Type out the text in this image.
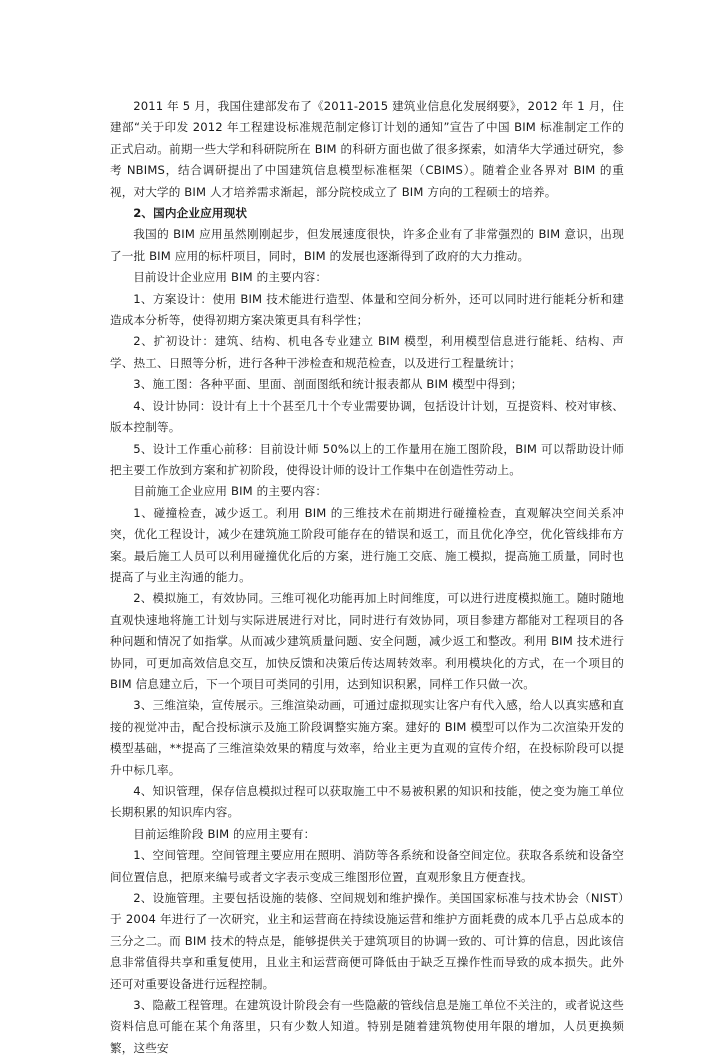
2011 年 5 月，我国住建部发布了《2011-2015 建筑业信息化发展纲要》，2012 年 1 月，住建部“关于印发 2012 年工程建设标准规范制定修订计划的通知”宣告了中国 BIM 标准制定工作的正式启动。前期一些大学和科研院所在 BIM 的科研方面也做了很多探索，如清华大学通过研究，参考 NBIMS，结合调研提出了中国建筑信息模型标准框架（CBIMS）。随着企业各界对 BIM 的重视，对大学的 BIM 人才培养需求渐起，部分院校成立了 BIM 方向的工程硕士的培养。

2、国内企业应用现状

我国的 BIM 应用虽然刚刚起步，但发展速度很快，许多企业有了非常强烈的 BIM 意识，出现了一批 BIM 应用的标杆项目，同时，BIM 的发展也逐渐得到了政府的大力推动。

目前设计企业应用 BIM 的主要内容：

1、方案设计：使用 BIM 技术能进行造型、体量和空间分析外，还可以同时进行能耗分析和建造成本分析等，使得初期方案决策更具有科学性；

2、扩初设计：建筑、结构、机电各专业建立 BIM 模型，利用模型信息进行能耗、结构、声学、热工、日照等分析，进行各种干涉检查和规范检查，以及进行工程量统计；

3、施工图：各种平面、里面、剖面图纸和统计报表都从 BIM 模型中得到；

4、设计协同：设计有上十个甚至几十个专业需要协调，包括设计计划，互提资料、校对审核、版本控制等。

5、设计工作重心前移：目前设计师 50%以上的工作量用在施工图阶段，BIM 可以帮助设计师把主要工作放到方案和扩初阶段，使得设计师的设计工作集中在创造性劳动上。

目前施工企业应用 BIM 的主要内容：

1、碰撞检查，减少返工。利用 BIM 的三维技术在前期进行碰撞检查，直观解决空间关系冲突，优化工程设计，减少在建筑施工阶段可能存在的错误和返工，而且优化净空，优化管线排布方案。最后施工人员可以利用碰撞优化后的方案，进行施工交底、施工模拟，提高施工质量，同时也提高了与业主沟通的能力。

2、模拟施工，有效协同。三维可视化功能再加上时间维度，可以进行进度模拟施工。随时随地直观快速地将施工计划与实际进展进行对比，同时进行有效协同，项目参建方都能对工程项目的各种问题和情况了如指掌。从而减少建筑质量问题、安全问题，减少返工和整改。利用 BIM 技术进行协同，可更加高效信息交互，加快反馈和决策后传达周转效率。利用模块化的方式，在一个项目的 BIM 信息建立后，下一个项目可类同的引用，达到知识积累，同样工作只做一次。

3、三维渲染，宣传展示。三维渲染动画，可通过虚拟现实让客户有代入感，给人以真实感和直接的视觉冲击，配合投标演示及施工阶段调整实施方案。建好的 BIM 模型可以作为二次渲染开发的模型基础，**提高了三维渲染效果的精度与效率，给业主更为直观的宣传介绍，在投标阶段可以提升中标几率。

4、知识管理，保存信息模拟过程可以获取施工中不易被积累的知识和技能，使之变为施工单位长期积累的知识库内容。

目前运维阶段 BIM 的应用主要有：

1、空间管理。空间管理主要应用在照明、消防等各系统和设备空间定位。获取各系统和设备空间位置信息，把原来编号或者文字表示变成三维图形位置，直观形象且方便查找。

2、设施管理。主要包括设施的装修、空间规划和维护操作。美国国家标准与技术协会（NIST）于 2004 年进行了一次研究，业主和运营商在持续设施运营和维护方面耗费的成本几乎占总成本的三分之二。而 BIM 技术的特点是，能够提供关于建筑项目的协调一致的、可计算的信息，因此该信息非常值得共享和重复使用，且业主和运营商便可降低由于缺乏互操作性而导致的成本损失。此外还可对重要设备进行远程控制。

3、隐蔽工程管理。在建筑设计阶段会有一些隐蔽的管线信息是施工单位不关注的，或者说这些资料信息可能在某个角落里，只有少数人知道。特别是随着建筑物使用年限的增加，人员更换频繁，这些安
